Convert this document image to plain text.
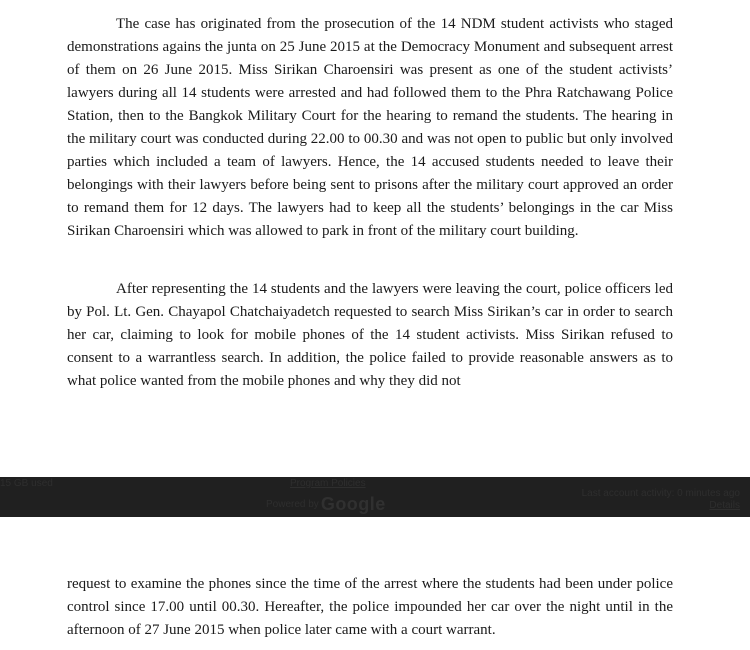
The case has originated from the prosecution of the 14 NDM student activists who staged demonstrations agains the junta on 25 June 2015 at the Democracy Monument and subsequent arrest of them on 26 June 2015. Miss Sirikan Charoensiri was present as one of the student activists’ lawyers during all 14 students were arrested and had followed them to the Phra Ratchawang Police Station, then to the Bangkok Military Court for the hearing to remand the students. The hearing in the military court was conducted during 22.00 to 00.30 and was not open to public but only involved parties which included a team of lawyers. Hence, the 14 accused students needed to leave their belongings with their lawyers before being sent to prisons after the military court approved an order to remand them for 12 days. The lawyers had to keep all the students’ belongings in the car Miss Sirikan Charoensiri which was allowed to park in front of the military court building.

After representing the 14 students and the lawyers were leaving the court, police officers led by Pol. Lt. Gen. Chayapol Chatchaiyadetch requested to search Miss Sirikan’s car in order to search her car, claiming to look for mobile phones of the 14 student activists. Miss Sirikan refused to consent to a warrantless search. In addition, the police failed to provide reasonable answers as to what police wanted from the mobile phones and why they did not

15 GB used	Program Policies
Powered by Google
Last account activity: 0 minutes ago
Details

request to examine the phones since the time of the arrest where the students had been under police control since 17.00 until 00.30. Hereafter, the police impounded her car over the night until in the afternoon of 27 June 2015 when police later came with a court warrant.
